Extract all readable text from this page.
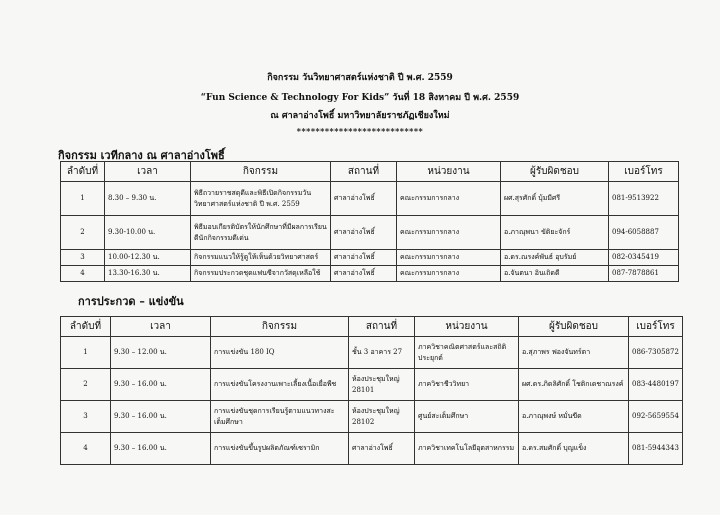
กิจกรรม วันวิทยาศาสตร์แห่งชาติ ปี พ.ศ. 2559
“Fun Science & Technology For Kids” วันที่ 18 สิงหาคม ปี พ.ศ. 2559
ณ ศาลาอ่างโพธิ์ มหาวิทยาลัยราชภัฏเชียงใหม่
***************************
กิจกรรม เวทีกลาง ณ ศาลาอ่างโพธิ์
ลำดับที่	เวลา	กิจกรรม	สถานที่	หน่วยงาน	ผู้รับผิดชอบ	เบอร์โทร
1	8.30 – 9.30 น.	พิธีถวายราชสดุดีและพิธีเปิดกิจกรรมวันวิทยาศาสตร์แห่งชาติ ปี พ.ศ. 2559	ศาลาอ่างโพธิ์	คณะกรรมการกลาง	ผศ.สุรศักดิ์ บุ้มมีศรี	081-9513922
2	9.30-10.00 น.	พิธีมอบเกียรติบัตรให้นักศึกษาที่มีผลการเรียนดีนักกิจกรรมดีเด่น	ศาลาอ่างโพธิ์	คณะกรรมการกลาง	อ.ภาณุพนา ขัติยะจักร์	094-6058887
3	10.00-12.30 น.	กิจกรรมแนวให้รู้ดูให้เห็นด้วยวิทยาศาสตร์	ศาลาอ่างโพธิ์	คณะกรรมการกลาง	อ.ดร.ณรงค์พันธ์ อุบรัมย์	082-0345419
4	13.30-16.30 น.	กิจกรรมประกวดชุดแฟนซีจากวัสดุเหลือใช้	ศาลาอ่างโพธิ์	คณะกรรมการกลาง	อ.จันตนา อินเถิดดี	087-7878861
การประกวด – แข่งขัน
ลำดับที่	เวลา	กิจกรรม	สถานที่	หน่วยงาน	ผู้รับผิดชอบ	เบอร์โทร
1	9.30 – 12.00 น.	การแข่งขัน 180 IQ	ชั้น 3 อาคาร 27	ภาควิชาคณิตศาสตร์และสถิติประยุกต์	อ.สุภาพร ฟองจันทร์ตา	086-7305872
2	9.30 – 16.00 น.	การแข่งขันโครงงานเพาะเลี้ยงเนื้อเยื่อพืช	ห้องประชุมใหญ่ 28101	ภาควิชาชีววิทยา	ผศ.ดร.ภิดลิศักดิ์ โชติกเดชาณรงค์	083-4480197
3	9.30 – 16.00 น.	การแข่งขันชุดการเรียนรู้ตามแนวทางสะเต็มศึกษา	ห้องประชุมใหญ่ 28102	ศูนย์สะเต็มศึกษา	อ.ภาณุพงษ์ หมั่นขีด	092-5659554
4	9.30 – 16.00 น.	การแข่งขันขึ้นรูปผลิตภัณฑ์เซรามิก	ศาลาอ่างโพธิ์	ภาควิชาเทคโนโลยีอุตสาหกรรม	อ.ดร.สมศักดิ์ บุญแข็ง	081-5944343
